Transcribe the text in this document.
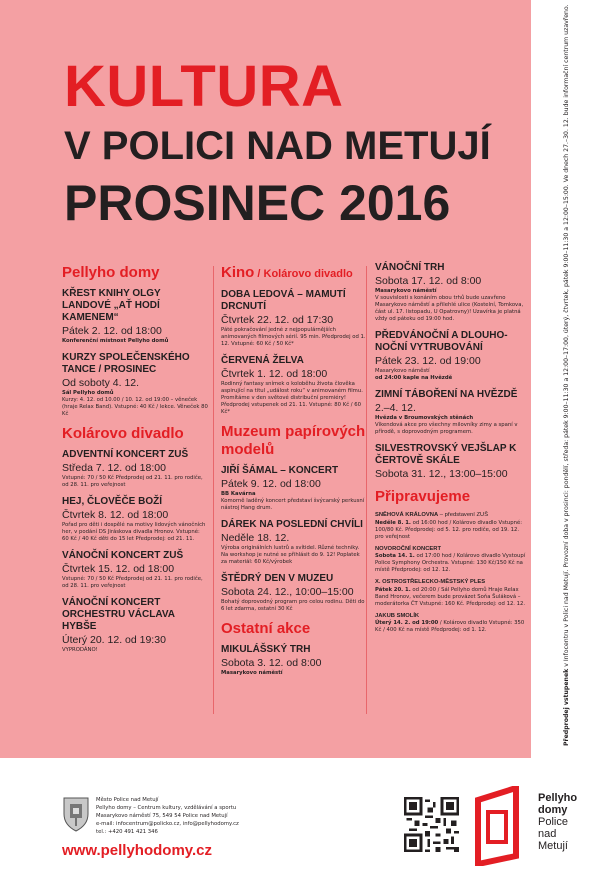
KULTURA
V POLICI NAD METUJÍ
PROSINEC 2016
Pellyho domy
KŘEST KNIHY OLGY LANDOVÉ „AŤ HODÍ KAMENEM“
Pátek 2. 12. od 18:00
Konferenční místnost Pellyho domů
KURZY SPOLEČENSKÉHO TANCE / PROSINEC
Od soboty 4. 12.
Sál Pellyho domů
Kurzy: 4. 12. od 10.00 / 10. 12. od 19:00 – věneček (hraje Relax Band). Vstupné: 40 Kč / lekce. Věneček 80 Kč
Kolárovo divadlo
ADVENTNÍ KONCERT ZUŠ
Středa 7. 12. od 18:00
Vstupné: 70 / 50 Kč Předprodej od 21. 11. pro rodiče, od 28. 11. pro veřejnost
HEJ, ČLOVĚČE BOŽÍ
Čtvrtek 8. 12. od 18:00
Pořad pro děti i dospělé na motivy lidových vánočních her, v podání DS Jiráskova divadla Hronov. Vstupné: 60 Kč / 40 Kč děti do 15 let Předprodej: od 21. 11.
VÁNOČNÍ KONCERT ZUŠ
Čtvrtek 15. 12. od 18:00
Vstupné: 70 / 50 Kč Předprodej od 21. 11. pro rodiče, od 28. 11. pro veřejnost
VÁNOČNÍ KONCERT ORCHESTRU VÁCLAVA HYBŠE
Úterý 20. 12. od 19:30
VYPRODÁNO!
Kino / Kolárovo divadlo
DOBA LEDOVÁ – MAMUTÍ DRCNUTÍ
Čtvrtek 22. 12. od 17:30
Páté pokračování jedné z nejpopulárnějších animovaných filmových sérií. 95 min. Předprodej od 1. 12. Vstupné: 60 Kč / 50 Kč*
ČERVENÁ ŽELVA
Čtvrtek 1. 12. od 18:00
Rodinný fantasy snímek o koloběhu života člověka aspirující na titul „událost roku“ v animovaném filmu. Promítáme v den světové distribuční premiéry! Předprodej vstupenek od 21. 11. Vstupné: 80 Kč / 60 Kč*
Muzeum papírových modelů
JIŘÍ ŠÁMAL – KONCERT
Pátek 9. 12. od 18:00
BB Kavárna
Komorně laděný koncert představí švýcarský perkusní nástroj Hang drum.
DÁREK NA POSLEDNÍ CHVÍLI
Neděle 18. 12.
Výroba originálních lustrů a svítidel. Různé techniky. Na workshop je nutné se přihlásit do 9. 12! Poplatek za materiál: 60 Kč/výrobek
ŠTĚDRÝ DEN V MUZEU
Sobota 24. 12., 10:00–15:00
Bohatý doprovodný program pro celou rodinu. Děti do 6 let zdarma, ostatní 30 Kč
Ostatní akce
MIKULÁŠSKÝ TRH
Sobota 3. 12. od 8:00
Masarykovo náměstí
VÁNOČNÍ TRH
Sobota 17. 12. od 8:00
Masarykovo náměstí
V souvislosti s konáním obou trhů bude uzavřeno Masarykovo náměstí a přilehlé ulice (Kostelní, Tomkova, část ul. 17. listopadu, U Opatrovny)! Uzavírka je platná vždy od páteku od 19:00 hod.
PŘEDVÁNOČNÍ A DLOUHO-NOČNÍ VYTRUBOVÁNÍ
Pátek 23. 12. od 19:00
Masarykovo náměstí
od 24:00 kaple na Hvězdě
ZIMNÍ TÁBOŘENÍ NA HVĚZDĚ
2.–4. 12.
Hvězda v Broumovských stěnách
Víkendová akce pro všechny milovníky zimy a spaní v přírodě, s doprovodným programem.
SILVESTROVSKÝ VEJŠLAP K ČERTOVĚ SKÁLE
Sobota 31. 12., 13:00–15:00
Připravujeme
SNĚHOVÁ KRÁLOVNA – představení ZUŠ
Neděle 8. 1. od 16:00 hod / Kolárovo divadlo Vstupné: 100/80 Kč. Předprodej: od 5. 12. pro rodiče, od 19. 12. pro veřejnost
NOVOROČNÍ KONCERT
Sobota 14. 1. od 17:00 hod / Kolárovo divadlo Vystoupí Police Symphony Orchestra. Vstupné: 130 Kč/150 Kč na místě Předprodej: od 12. 12.
X. OSTROSTŘELECKO-MĚSTSKÝ PLES
Pátek 20. 1. od 20:00 / Sál Pellyho domů Hraje Relax Band Hronov, večerem bude provázet Soňa Šuláková – moderátorka ČT Vstupné: 160 Kč. Předprodej: od 12. 12.
JAKUB SMOLÍK
Úterý 14. 2. od 19:00 / Kolárovo divadlo Vstupné: 350 Kč / 400 Kč na místě Předprodej: od 1. 12.
Předprodej vstupenek v Infocentru v Polici nad Metují. Provozní doba v prosinci: pondělí, středa: pátek 9:00–11:30 a 12:00–17:00, úterý, čtvrtek, pátek 9:00–11:30 a 12:00–15:00. Ve dnech 27.–30. 12. bude informační centrum uzavřeno.
Město Police nad Metují
Pellyho domy – Centrum kultury, vzdělávání a sportu
Masarykovo náměstí 75, 549 54 Police nad Metují
e-mail: infocentrum@policko.cz, info@pellyhodomy.cz
tel.: +420 491 421 346
www.pellyhodomy.cz
Pellyho
domy
Police
nad
Metují
